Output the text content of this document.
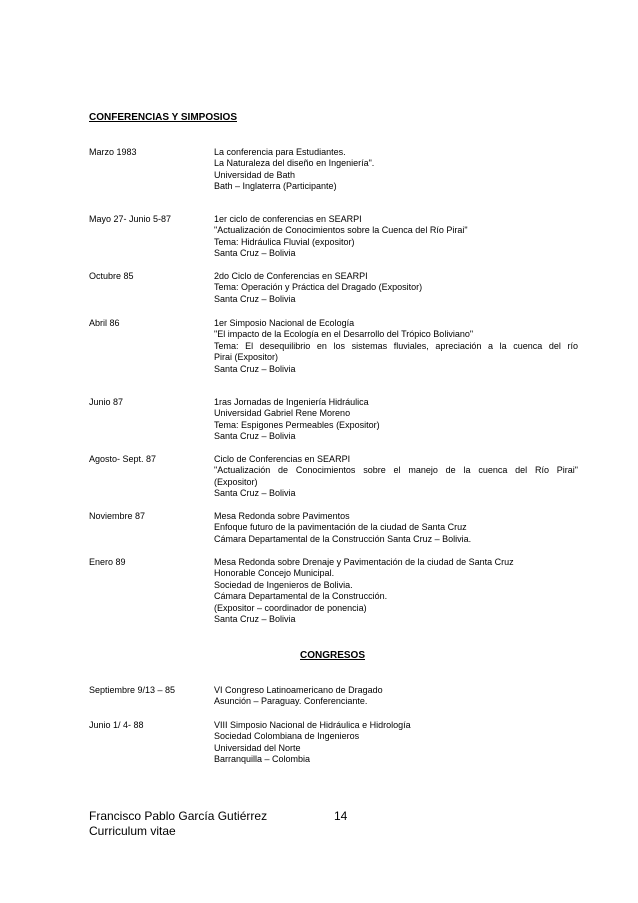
CONFERENCIAS Y SIMPOSIOS
Marzo 1983	La conferencia para Estudiantes.
La Naturaleza del diseño en Ingeniería".
Universidad de Bath
Bath – Inglaterra (Participante)
Mayo 27- Junio 5-87	1er ciclo de conferencias en SEARPI
"Actualización de Conocimientos sobre la Cuenca del Río Pirai"
Tema: Hidráulica Fluvial (expositor)
Santa Cruz – Bolivia
Octubre 85	2do Ciclo de Conferencias en SEARPI
Tema: Operación y Práctica del Dragado (Expositor)
Santa Cruz – Bolivia
Abril 86	1er Simposio Nacional de Ecología
"El impacto de la Ecología en el Desarrollo del Trópico Boliviano"
Tema: El desequilibrio en los sistemas fluviales, apreciación a la cuenca del río
Pirai (Expositor)
Santa Cruz – Bolivia
Junio 87	1ras Jornadas de Ingeniería Hidráulica
Universidad Gabriel Rene Moreno
Tema: Espigones Permeables (Expositor)
Santa Cruz – Bolivia
Agosto- Sept. 87	Ciclo de Conferencias en SEARPI
"Actualización de Conocimientos sobre el manejo de la cuenca del Río Pirai"
(Expositor)
Santa Cruz – Bolivia
Noviembre 87	Mesa Redonda sobre Pavimentos
Enfoque futuro de la pavimentación de la ciudad de Santa Cruz
Cámara Departamental de la Construcción Santa Cruz – Bolivia.
Enero 89	Mesa Redonda sobre Drenaje y Pavimentación de la ciudad de Santa Cruz
Honorable Concejo Municipal.
Sociedad de Ingenieros de Bolivia.
Cámara Departamental de la Construcción.
(Expositor – coordinador de ponencia)
Santa Cruz – Bolivia
CONGRESOS
Septiembre 9/13 – 85	VI Congreso Latinoamericano de Dragado
Asunción – Paraguay. Conferenciante.
Junio 1/ 4- 88	VIII Simposio Nacional de Hidráulica e Hidrología
Sociedad Colombiana de Ingenieros
Universidad del Norte
Barranquilla – Colombia
Francisco Pablo García Gutiérrez
Curriculum vitae
14
